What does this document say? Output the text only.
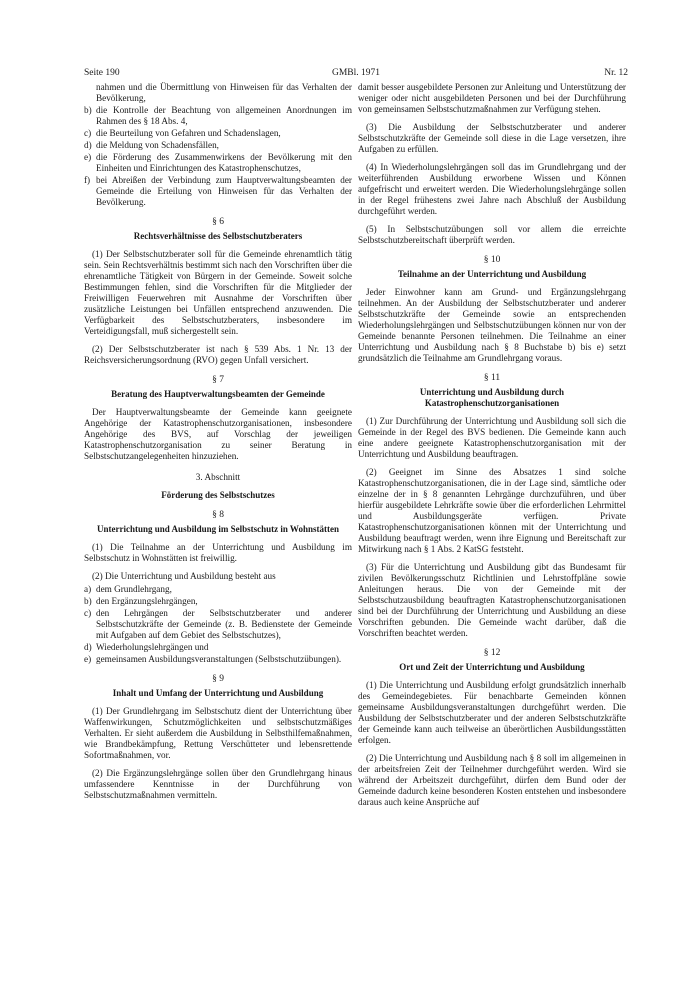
Seite 190	GMBl. 1971	Nr. 12
nahmen und die Übermittlung von Hinweisen für das Verhalten der Bevölkerung,
b) die Kontrolle der Beachtung von allgemeinen Anordnungen im Rahmen des § 18 Abs. 4,
c) die Beurteilung von Gefahren und Schadenslagen,
d) die Meldung von Schadensfällen,
e) die Förderung des Zusammenwirkens der Bevölkerung mit den Einheiten und Einrichtungen des Katastrophenschutzes,
f) bei Abreißen der Verbindung zum Hauptverwaltungsbeamten der Gemeinde die Erteilung von Hinweisen für das Verhalten der Bevölkerung.
§ 6
Rechtsverhältnisse des Selbstschutzberaters

(1) Der Selbstschutzberater soll für die Gemeinde ehrenamtlich tätig sein. Sein Rechtsverhältnis bestimmt sich nach den Vorschriften über die ehrenamtliche Tätigkeit von Bürgern in der Gemeinde. Soweit solche Bestimmungen fehlen, sind die Vorschriften für die Mitglieder der Freiwilligen Feuerwehren mit Ausnahme der Vorschriften über zusätzliche Leistungen bei Unfällen entsprechend anzuwenden. Die Verfügbarkeit des Selbstschutzberaters, insbesondere im Verteidigungsfall, muß sichergestellt sein.

(2) Der Selbstschutzberater ist nach § 539 Abs. 1 Nr. 13 der Reichsversicherungsordnung (RVO) gegen Unfall versichert.

§ 7
Beratung des Hauptverwaltungsbeamten der Gemeinde

Der Hauptverwaltungsbeamte der Gemeinde kann geeignete Angehörige der Katastrophenschutzorganisationen, insbesondere Angehörige des BVS, auf Vorschlag der jeweiligen Katastrophenschutzorganisation zu seiner Beratung in Selbstschutzangelegenheiten hinzuziehen.

3. Abschnitt
Förderung des Selbstschutzes
§ 8
Unterrichtung und Ausbildung im Selbstschutz in Wohnstätten

(1) Die Teilnahme an der Unterrichtung und Ausbildung im Selbstschutz in Wohnstätten ist freiwillig.

(2) Die Unterrichtung und Ausbildung besteht aus

a) dem Grundlehrgang,
b) den Ergänzungslehrgängen,
c) den Lehrgängen der Selbstschutzberater und anderer Selbstschutzkräfte der Gemeinde (z. B. Bedienstete der Gemeinde mit Aufgaben auf dem Gebiet des Selbstschutzes),
d) Wiederholungslehrgängen und
e) gemeinsamen Ausbildungsveranstaltungen (Selbstschutzübungen).
§ 9
Inhalt und Umfang der Unterrichtung und Ausbildung

(1) Der Grundlehrgang im Selbstschutz dient der Unterrichtung über Waffenwirkungen, Schutzmöglichkeiten und selbstschutzmäßiges Verhalten. Er sieht außerdem die Ausbildung in Selbsthilfemaßnahmen, wie Brandbekämpfung, Rettung Verschütteter und lebensrettende Sofortmaßnahmen, vor.

(2) Die Ergänzungslehrgänge sollen über den Grundlehrgang hinaus umfassendere Kenntnisse in der Durchführung von Selbstschutzmaßnahmen vermitteln.

damit besser ausgebildete Personen zur Anleitung und Unterstützung der weniger oder nicht ausgebildeten Personen und bei der Durchführung von gemeinsamen Selbstschutzmaßnahmen zur Verfügung stehen.

(3) Die Ausbildung der Selbstschutzberater und anderer Selbstschutzkräfte der Gemeinde soll diese in die Lage versetzen, ihre Aufgaben zu erfüllen.

(4) In Wiederholungslehrgängen soll das im Grundlehrgang und der weiterführenden Ausbildung erworbene Wissen und Können aufgefrischt und erweitert werden. Die Wiederholungslehrgänge sollen in der Regel frühestens zwei Jahre nach Abschluß der Ausbildung durchgeführt werden.

(5) In Selbstschutzübungen soll vor allem die erreichte Selbstschutzbereitschaft überprüft werden.

§ 10
Teilnahme an der Unterrichtung und Ausbildung

Jeder Einwohner kann am Grund- und Ergänzungslehrgang teilnehmen. An der Ausbildung der Selbstschutzberater und anderer Selbstschutzkräfte der Gemeinde sowie an entsprechenden Wiederholungslehrgängen und Selbstschutzübungen können nur von der Gemeinde benannte Personen teilnehmen. Die Teilnahme an einer Unterrichtung und Ausbildung nach § 8 Buchstabe b) bis e) setzt grundsätzlich die Teilnahme am Grundlehrgang voraus.

§ 11
Unterrichtung und Ausbildung durch Katastrophenschutzorganisationen

(1) Zur Durchführung der Unterrichtung und Ausbildung soll sich die Gemeinde in der Regel des BVS bedienen. Die Gemeinde kann auch eine andere geeignete Katastrophenschutzorganisation mit der Unterrichtung und Ausbildung beauftragen.

(2) Geeignet im Sinne des Absatzes 1 sind solche Katastrophenschutzorganisationen, die in der Lage sind, sämtliche oder einzelne der in § 8 genannten Lehrgänge durchzuführen, und über hierfür ausgebildete Lehrkräfte sowie über die erforderlichen Lehrmittel und Ausbildungsgeräte verfügen. Private Katastrophenschutzorganisationen können mit der Unterrichtung und Ausbildung beauftragt werden, wenn ihre Eignung und Bereitschaft zur Mitwirkung nach § 1 Abs. 2 KatSG feststeht.

(3) Für die Unterrichtung und Ausbildung gibt das Bundesamt für zivilen Bevölkerungsschutz Richtlinien und Lehrstoffpläne sowie Anleitungen heraus. Die von der Gemeinde mit der Selbstschutzausbildung beauftragten Katastrophenschutzorganisationen sind bei der Durchführung der Unterrichtung und Ausbildung an diese Vorschriften gebunden. Die Gemeinde wacht darüber, daß die Vorschriften beachtet werden.

§ 12
Ort und Zeit der Unterrichtung und Ausbildung

(1) Die Unterrichtung und Ausbildung erfolgt grundsätzlich innerhalb des Gemeindegebietes. Für benachbarte Gemeinden können gemeinsame Ausbildungsveranstaltungen durchgeführt werden. Die Ausbildung der Selbstschutzberater und der anderen Selbstschutzkräfte der Gemeinde kann auch teilweise an überörtlichen Ausbildungsstätten erfolgen.

(2) Die Unterrichtung und Ausbildung nach § 8 soll im allgemeinen in der arbeitsfreien Zeit der Teilnehmer durchgeführt werden. Wird sie während der Arbeitszeit durchgeführt, dürfen dem Bund oder der Gemeinde dadurch keine besonderen Kosten entstehen und insbesondere daraus auch keine Ansprüche auf
